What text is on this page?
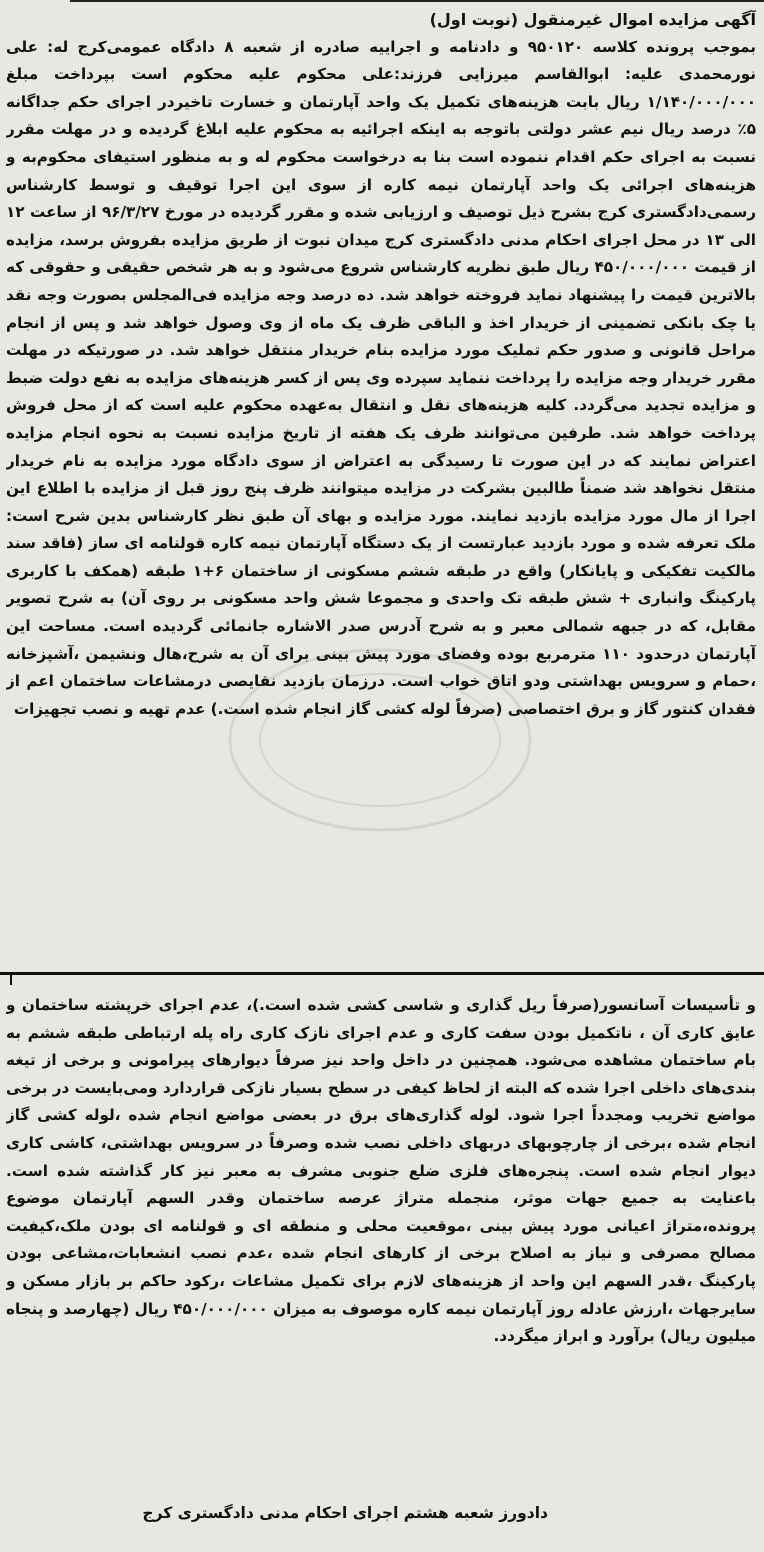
آگهی مزایده اموال غیرمنقول (نوبت اول)
بموجب پرونده کلاسه ۹۵۰۱۲۰ و دادنامه و اجراییه صادره از شعبه ۸ دادگاه عمومی‌کرج له: علی نورمحمدی علیه: ابوالقاسم میرزایی فرزند:علی محکوم علیه محکوم است بپرداخت مبلغ ۱/۱۴۰/۰۰۰/۰۰۰ ریال بابت هزینه‌های تکمیل یک واحد آپارتمان و خسارت تاخیردر اجرای حکم جداگانه ۵٪ درصد ریال نیم عشر دولتی باتوجه به اینکه اجرائیه به محکوم علیه ابلاغ گردیده و در مهلت مقرر نسبت به اجرای حکم اقدام ننموده است بنا به درخواست محکوم له و به منظور استیفای محکوم‌به و هزینه‌های اجرائی یک واحد آپارتمان نیمه کاره از سوی این اجرا توقیف و توسط کارشناس رسمی‌دادگستری کرج بشرح ذیل توصیف و ارزیابی شده و مقرر گردیده در مورخ ۹۶/۳/۲۷ از ساعت ۱۲ الی ۱۳ در محل اجرای احکام مدنی دادگستری کرج میدان نبوت از طریق مزایده بفروش برسد، مزایده از قیمت ۴۵۰/۰۰۰/۰۰۰ ریال طبق نظریه کارشناس شروع می‌شود و به هر شخص حقیقی و حقوقی که بالاترین قیمت را پیشنهاد نماید فروخته خواهد شد. ده درصد وجه مزایده فی‌المجلس بصورت وجه نقد یا چک بانکی تضمینی از خریدار اخذ و الباقی ظرف یک ماه از وی وصول خواهد شد و پس از انجام مراحل قانونی و صدور حکم تملیک مورد مزایده بنام خریدار منتقل خواهد شد. در صورتیکه در مهلت مقرر خریدار وجه مزایده را پرداخت ننماید سپرده وی پس از کسر هزینه‌های مزایده به نفع دولت ضبط و مزایده تجدید می‌گردد. کلیه هزینه‌های نقل و انتقال به‌عهده محکوم علیه است که از محل فروش پرداخت خواهد شد. طرفین می‌توانند ظرف یک هفته از تاریخ مزایده نسبت به نحوه انجام مزایده اعتراض نمایند که در این صورت تا رسیدگی به اعتراض از سوی دادگاه مورد مزایده به نام خریدار منتقل نخواهد شد ضمناً طالبین بشرکت در مزایده میتوانند ظرف پنج روز قبل از مزایده با اطلاع این اجرا از مال مورد مزایده بازدید نمایند. مورد مزایده و بهای آن طبق نظر کارشناس بدین شرح است: ملک تعرفه شده و مورد بازدید عبارتست از یک دستگاه آپارتمان نیمه کاره قولنامه ای ساز (فاقد سند مالکیت تفکیکی و پایانکار) واقع در طبقه ششم مسکونی از ساختمان ۶+۱ طبقه (همکف با کاربری پارکینگ وانباری + شش طبقه تک واحدی و مجموعا شش واحد مسکونی بر روی آن) به شرح تصویر مقابل، که در جبهه شمالی معبر و به شرح آدرس صدر الاشاره جانمائی گردیده است. مساحت این آپارتمان درحدود ۱۱۰ مترمربع بوده وفضای مورد پیش بینی برای آن به شرح،هال ونشیمن ،آشپزخانه ،حمام و سرویس بهداشتی ودو اتاق خواب است. درزمان بازدید نقایصی درمشاعات ساختمان اعم از فقدان کنتور گاز و برق اختصاصی (صرفاً لوله کشی گاز انجام شده است.) عدم تهیه و نصب تجهیزات
و تأسیسات آسانسور(صرفاً ریل گذاری و شاسی کشی شده است.)، عدم اجرای خرپشته ساختمان و عایق کاری آن ، ناتکمیل بودن سفت کاری و عدم اجرای نازک کاری راه پله ارتباطی طبقه ششم به بام ساختمان مشاهده می‌شود. همچنین در داخل واحد نیز صرفاً دیوارهای پیرامونی و برخی از تیغه بندی‌های داخلی اجرا شده که البته از لحاظ کیفی در سطح بسیار نازکی قراردارد ومی‌بایست در برخی مواضع تخریب ومجدداً اجرا شود. لوله گذاری‌های برق در بعضی مواضع انجام شده ،لوله کشی گاز انجام شده ،برخی از چارچوبهای دربهای داخلی نصب شده وصرفاً در سرویس بهداشتی، کاشی کاری دیوار انجام شده است. پنجره‌های فلزی ضلع جنوبی مشرف به معبر نیز کار گذاشته شده است. باعنایت به جمیع جهات موثر، منجمله متراژ عرصه ساختمان وقدر السهم آپارتمان موضوع پرونده،متراژ اعیانی مورد پیش بینی ،موقعیت محلی و منطقه ای و قولنامه ای بودن ملک،کیفیت مصالح مصرفی و نیاز به اصلاح برخی از کارهای انجام شده ،عدم نصب انشعابات،مشاعی بودن پارکینگ ،قدر السهم این واحد از هزینه‌های لازم برای تکمیل مشاعات ،رکود حاکم بر بازار مسکن و سایرجهات ،ارزش عادله روز آپارتمان نیمه کاره موصوف به میزان ۴۵۰/۰۰۰/۰۰۰ ریال (چهارصد و پنجاه میلیون ریال) برآورد و ابراز میگردد.
دادورز شعبه هشتم اجرای احکام مدنی دادگستری کرج
